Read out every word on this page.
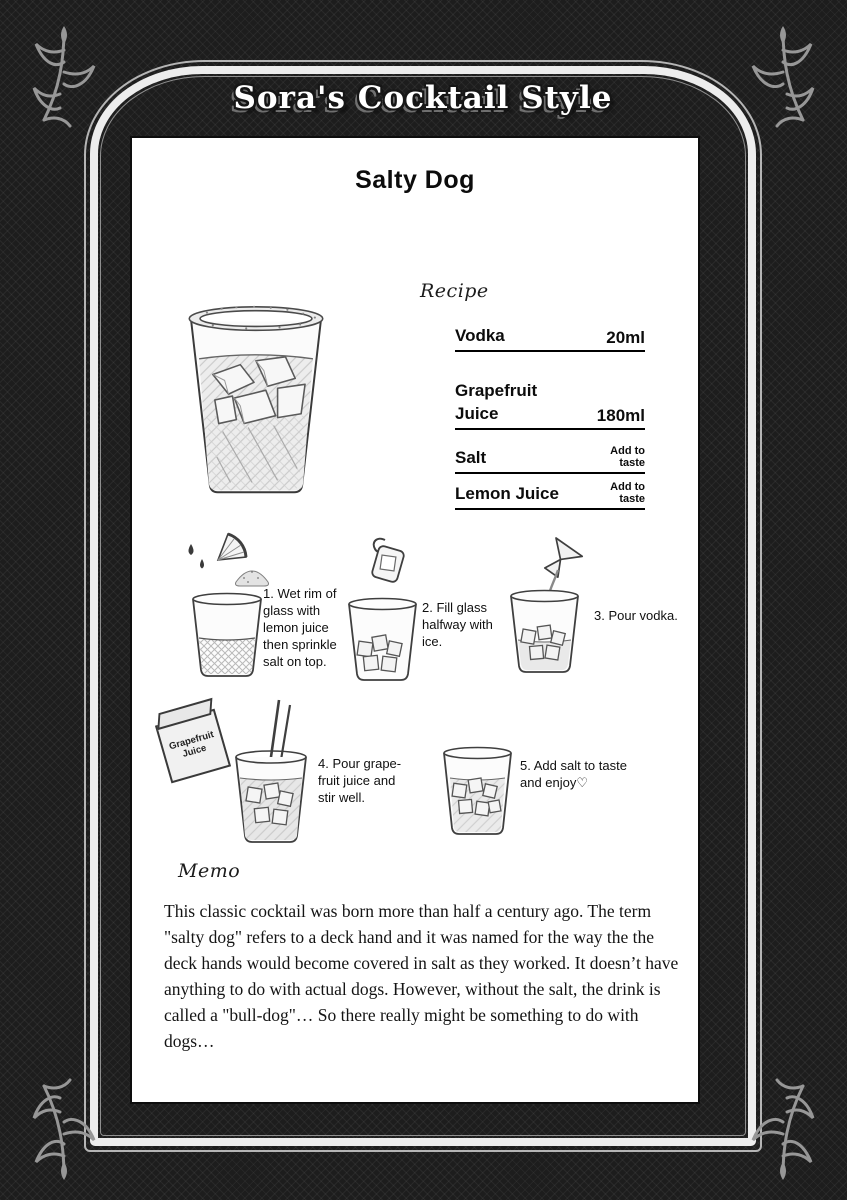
Sora's Cocktail Style
Salty Dog
Recipe
Vodka	20ml
Grapefruit Juice	180ml
Salt	Add to taste
Lemon Juice	Add to taste
1. Wet rim of glass with lemon juice then sprinkle salt on top.
2. Fill glass halfway with ice.
3. Pour vodka.
Grapefruit Juice
4. Pour grape-fruit juice and stir well.
5. Add salt to taste and enjoy♡
Memo
This classic cocktail was born more than half a century ago. The term "salty dog" refers to a deck hand and it was named for the way the the deck hands would become covered in salt as they worked. It doesn’t have anything to do with actual dogs. However, without the salt, the drink is called a "bull-dog"… So there really might be something to do with dogs…
